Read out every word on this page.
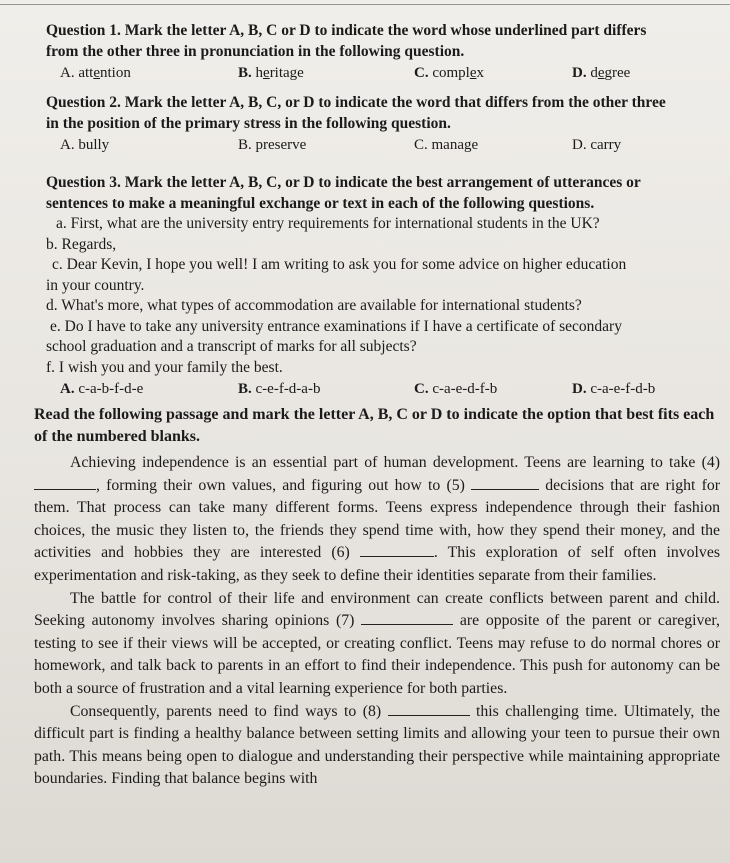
Question 1. Mark the letter A, B, C or D to indicate the word whose underlined part differs from the other three in pronunciation in the following question.

A. attention	B. heritage	C. complex	D. degree

Question 2. Mark the letter A, B, C, or D to indicate the word that differs from the other three in the position of the primary stress in the following question.

A. bully	B. preserve	C. manage	D. carry

Question 3. Mark the letter A, B, C, or D to indicate the best arrangement of utterances or sentences to make a meaningful exchange or text in each of the following questions.

a. First, what are the university entry requirements for international students in the UK?

b. Regards,

c. Dear Kevin, I hope you well! I am writing to ask you for some advice on higher education

in your country.

d. What's more, what types of accommodation are available for international students?

e. Do I have to take any university entrance examinations if I have a certificate of secondary

school graduation and a transcript of marks for all subjects?

f. I wish you and your family the best.

A. c-a-b-f-d-e	B. c-e-f-d-a-b	C. c-a-e-d-f-b	D. c-a-e-f-d-b

Read the following passage and mark the letter A, B, C or D to indicate the option that best fits each of the numbered blanks.

Achieving independence is an essential part of human development. Teens are learning to take (4) , forming their own values, and figuring out how to (5)	decisions that are right for them. That process can take many different forms. Teens express independence through their fashion choices, the music they listen to, the friends they spend time with, how they spend their money, and the activities and hobbies they are interested (6)	. This exploration of self often involves experimentation and risk-taking, as they seek to define their identities separate from their families.

The battle for control of their life and environment can create conflicts between parent and child. Seeking autonomy involves sharing opinions (7)	are opposite of the parent or caregiver, testing to see if their views will be accepted, or creating conflict. Teens may refuse to do normal chores or homework, and talk back to parents in an effort to find their independence. This push for autonomy can be both a source of frustration and a vital learning experience for both parties.

Consequently, parents need to find ways to (8)	this challenging time. Ultimately, the difficult part is finding a healthy balance between setting limits and allowing your teen to pursue their own path. This means being open to dialogue and understanding their perspective while maintaining appropriate boundaries. Finding that balance begins with
